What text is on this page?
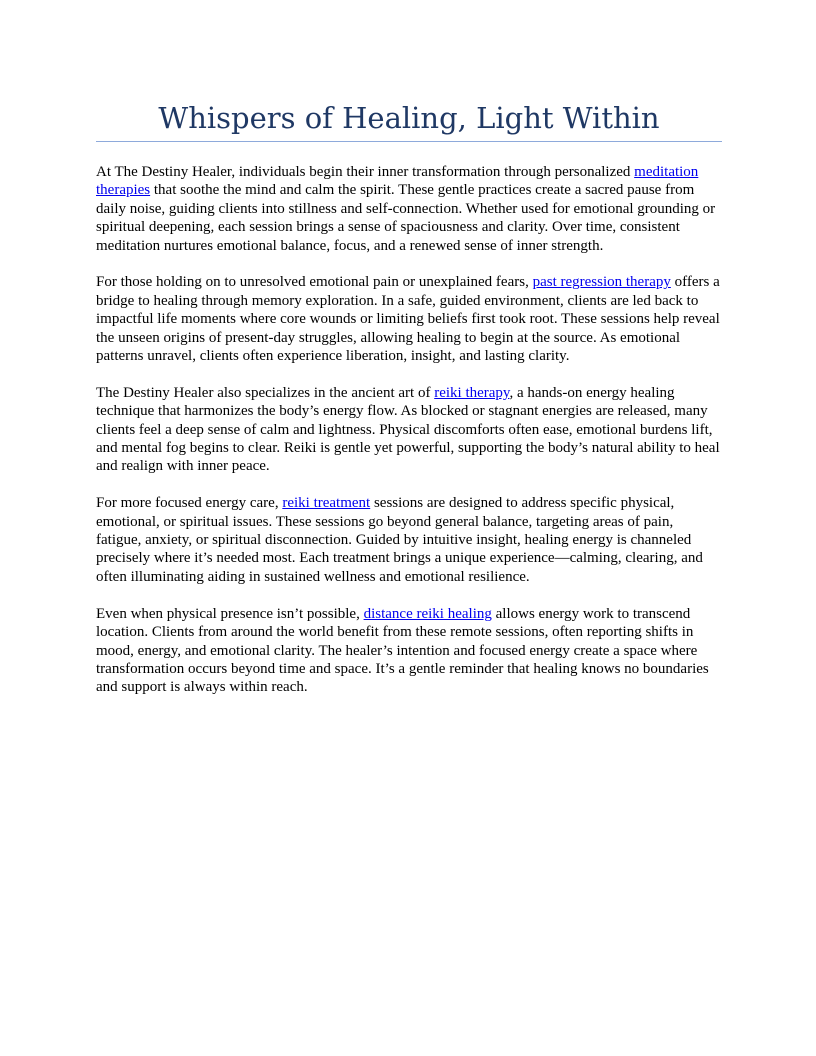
Whispers of Healing, Light Within

At The Destiny Healer, individuals begin their inner transformation through personalized meditation therapies that soothe the mind and calm the spirit. These gentle practices create a sacred pause from daily noise, guiding clients into stillness and self-connection. Whether used for emotional grounding or spiritual deepening, each session brings a sense of spaciousness and clarity. Over time, consistent meditation nurtures emotional balance, focus, and a renewed sense of inner strength.

For those holding on to unresolved emotional pain or unexplained fears, past regression therapy offers a bridge to healing through memory exploration. In a safe, guided environment, clients are led back to impactful life moments where core wounds or limiting beliefs first took root. These sessions help reveal the unseen origins of present-day struggles, allowing healing to begin at the source. As emotional patterns unravel, clients often experience liberation, insight, and lasting clarity.

The Destiny Healer also specializes in the ancient art of reiki therapy, a hands-on energy healing technique that harmonizes the body’s energy flow. As blocked or stagnant energies are released, many clients feel a deep sense of calm and lightness. Physical discomforts often ease, emotional burdens lift, and mental fog begins to clear. Reiki is gentle yet powerful, supporting the body’s natural ability to heal and realign with inner peace.

For more focused energy care, reiki treatment sessions are designed to address specific physical, emotional, or spiritual issues. These sessions go beyond general balance, targeting areas of pain, fatigue, anxiety, or spiritual disconnection. Guided by intuitive insight, healing energy is channeled precisely where it’s needed most. Each treatment brings a unique experience—calming, clearing, and often illuminating aiding in sustained wellness and emotional resilience.

Even when physical presence isn’t possible, distance reiki healing allows energy work to transcend location. Clients from around the world benefit from these remote sessions, often reporting shifts in mood, energy, and emotional clarity. The healer’s intention and focused energy create a space where transformation occurs beyond time and space. It’s a gentle reminder that healing knows no boundaries and support is always within reach.
